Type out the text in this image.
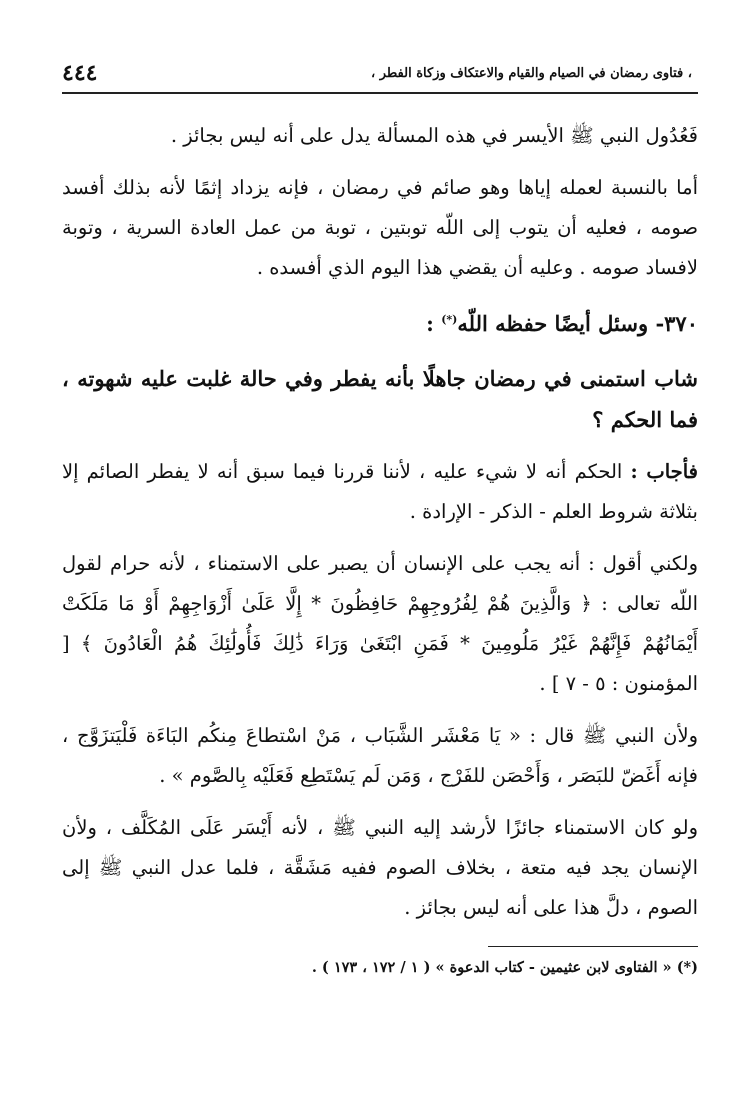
٤٤٤	، فتاوى رمضان في الصيام والقيام والاعتكاف وزكاة الفطر ،

فَعُدُول النبي ﷺ الأيسر في هذه المسألة يدل على أنه ليس بجائز .

أما بالنسبة لعمله إياها وهو صائم في رمضان ، فإنه يزداد إثمًا لأنه بذلك أفسد صومه ، فعليه أن يتوب إلى اللّه توبتين ، توبة من عمل العادة السرية ، وتوبة لافساد صومه . وعليه أن يقضي هذا اليوم الذي أفسده .

٣٧٠- وسئل أيضًا حفظه اللّه(*) :

شاب استمنى في رمضان جاهلًا بأنه يفطر وفي حالة غلبت عليه شهوته ، فما الحكم ؟

فأجاب : الحكم أنه لا شيء عليه ، لأننا قررنا فيما سبق أنه لا يفطر الصائم إلا بثلاثة شروط العلم - الذكر - الإرادة .

ولكني أقول : أنه يجب على الإنسان أن يصبر على الاستمناء ، لأنه حرام لقول اللّه تعالى : ﴿ وَالَّذِينَ هُمْ لِفُرُوجِهِمْ حَافِظُونَ * إِلَّا عَلَىٰ أَزْوَاجِهِمْ أَوْ مَا مَلَكَتْ أَيْمَانُهُمْ فَإِنَّهُمْ غَيْرُ مَلُومِينَ * فَمَنِ ابْتَغَىٰ وَرَاءَ ذَٰلِكَ فَأُولَٰئِكَ هُمُ الْعَادُونَ ﴾ [ المؤمنون : ٥ - ٧ ] .

ولأن النبي ﷺ قال : « يَا مَعْشَر الشَّبَاب ، مَنْ اسْتطاعَ مِنكُم البَاءَة فَلْيَتزَوَّج ، فإنه أَغَضّ للبَصَر ، وَأَحْصَن للفَرْج ، وَمَن لَم يَسْتَطِع فَعَلَيْه بِالصَّوم » .

ولو كان الاستمناء جائزًا لأرشد إليه النبي ﷺ ، لأنه أَيْسَر عَلَى المُكَلَّف ، ولأن الإنسان يجد فيه متعة ، بخلاف الصوم ففيه مَشَقَّة ، فلما عدل النبي ﷺ إلى الصوم ، دلَّ هذا على أنه ليس بجائز .

(*) « الفتاوى لابن عثيمين - كتاب الدعوة » ( ١ / ١٧٢ ، ١٧٣ ) .
